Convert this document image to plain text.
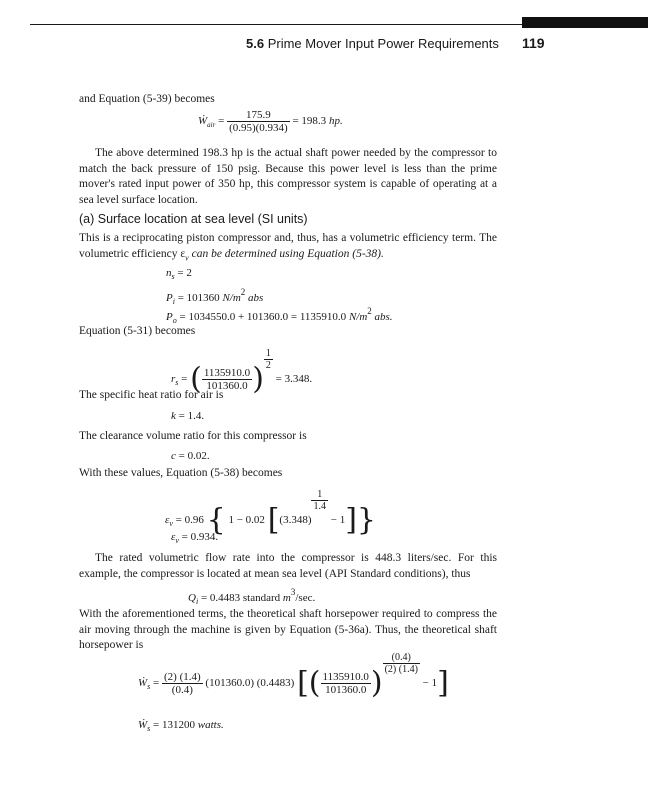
5.6 Prime Mover Input Power Requirements 119
and Equation (5-39) becomes
Ẇ$_{air}$ = $\frac{175.9}{(0.95)(0.934)} = 198.3$ hp.
The above determined 198.3 hp is the actual shaft power needed by the compressor to match the back pressure of 150 psig. Because this power level is less than the prime mover's rated input power of 350 hp, this compressor system is capable of operating at a sea level surface location.
(a) Surface location at sea level (SI units)
This is a reciprocating piston compressor and, thus, has a volumetric efficiency term. The volumetric efficiency $\varepsilon_v$ can be determined using Equation (5-38).
$n_s = 2$
$P_i = 101360$ $N/m^2$ abs
$P_o = 1034550.0 + 101360.0 = 1135910.0$ $N/m^2$ abs.
Equation (5-31) becomes
$r_s$ = ( $\frac{1135910.0}{101360.0}$ )
$\frac{1}{2}$
= 3.348.
The specific heat ratio for air is
k = 1.4.
The clearance volume ratio for this compressor is
c = 0.02.
With these values, Equation (5-38) becomes
$\varepsilon_v = 0.96$ { 1 − 0.02 [(3.348)
$\frac{1}{1.4}$
− 1]}
$\varepsilon_v = 0.934$.
The rated volumetric flow rate into the compressor is 448.3 liters/sec. For this example, the compressor is located at mean sea level (API Standard conditions), thus
$Q_i = 0.4483$ standard $m^3/\sec$.
With the aforementioned terms, the theoretical shaft horsepower required to compress the air moving through the machine is given by Equation (5-36a). Thus, the theoretical shaft horsepower is
Ẇ$_s$ = $\frac{(2) (1.4)}{(0.4)} (101360.0)$ (0.4483) [( $\frac{1135910.0}{101360.0}$ )
$\frac{(0.4)}{(2) (1.4)}$
− 1]
Ẇ$_s$ = 131200 watts.
